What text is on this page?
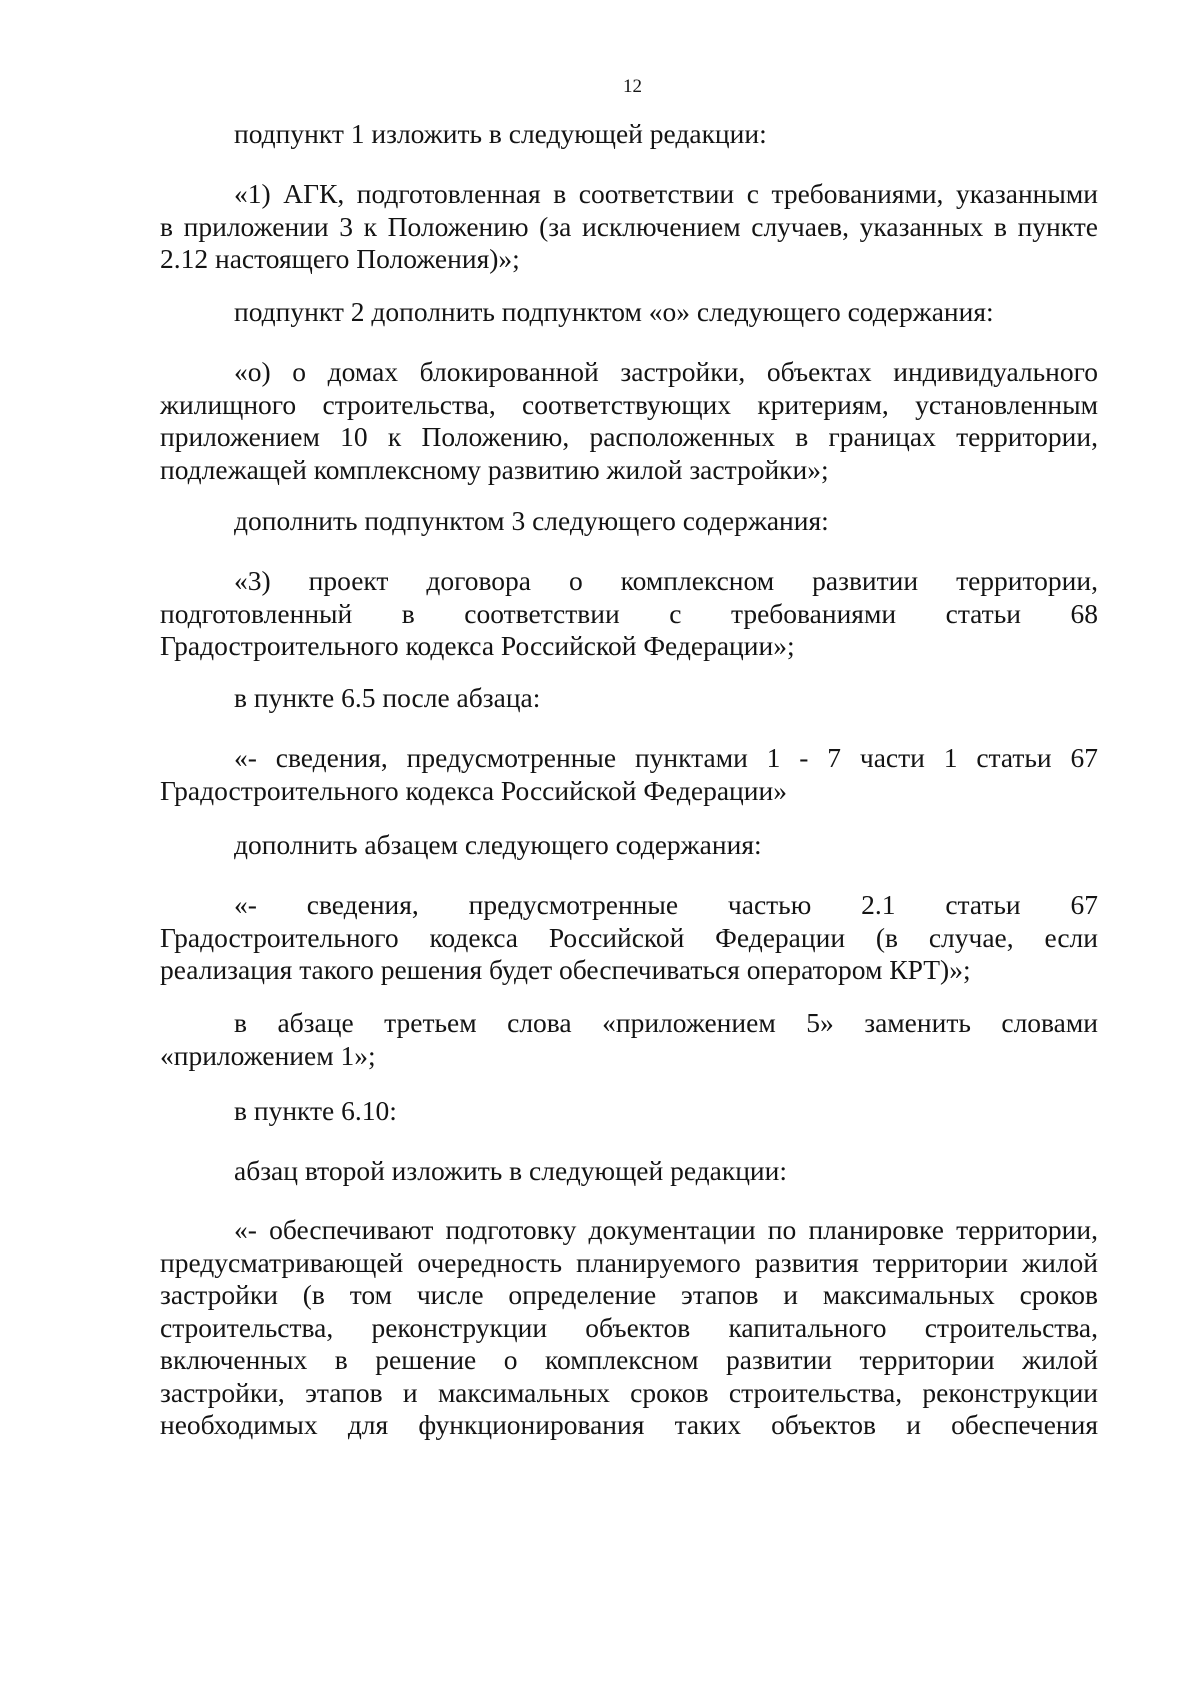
12
подпункт 1 изложить в следующей редакции:
«1) АГК, подготовленная в соответствии с требованиями, указанными
в приложении 3 к Положению (за исключением случаев, указанных в пункте
2.12 настоящего Положения)»;
подпункт 2 дополнить подпунктом «о» следующего содержания:
«о) о домах блокированной застройки, объектах индивидуального
жилищного строительства, соответствующих критериям, установленным
приложением 10 к Положению, расположенных в границах территории,
подлежащей комплексному развитию жилой застройки»;
дополнить подпунктом 3 следующего содержания:
«3) проект договора о комплексном развитии территории,
подготовленный в соответствии с требованиями статьи 68
Градостроительного кодекса Российской Федерации»;
в пункте 6.5 после абзаца:
«- сведения, предусмотренные пунктами 1 - 7 части 1 статьи 67
Градостроительного кодекса Российской Федерации»
дополнить абзацем следующего содержания:
«- сведения, предусмотренные частью 2.1 статьи 67
Градостроительного кодекса Российской Федерации (в случае, если
реализация такого решения будет обеспечиваться оператором КРТ)»;
в абзаце третьем слова «приложением 5» заменить словами
«приложением 1»;
в пункте 6.10:
абзац второй изложить в следующей редакции:
«- обеспечивают подготовку документации по планировке территории,
предусматривающей очередность планируемого развития территории жилой
застройки (в том числе определение этапов и максимальных сроков
строительства, реконструкции объектов капитального строительства,
включенных в решение о комплексном развитии территории жилой
застройки, этапов и максимальных сроков строительства, реконструкции
необходимых для функционирования таких объектов и обеспечения
